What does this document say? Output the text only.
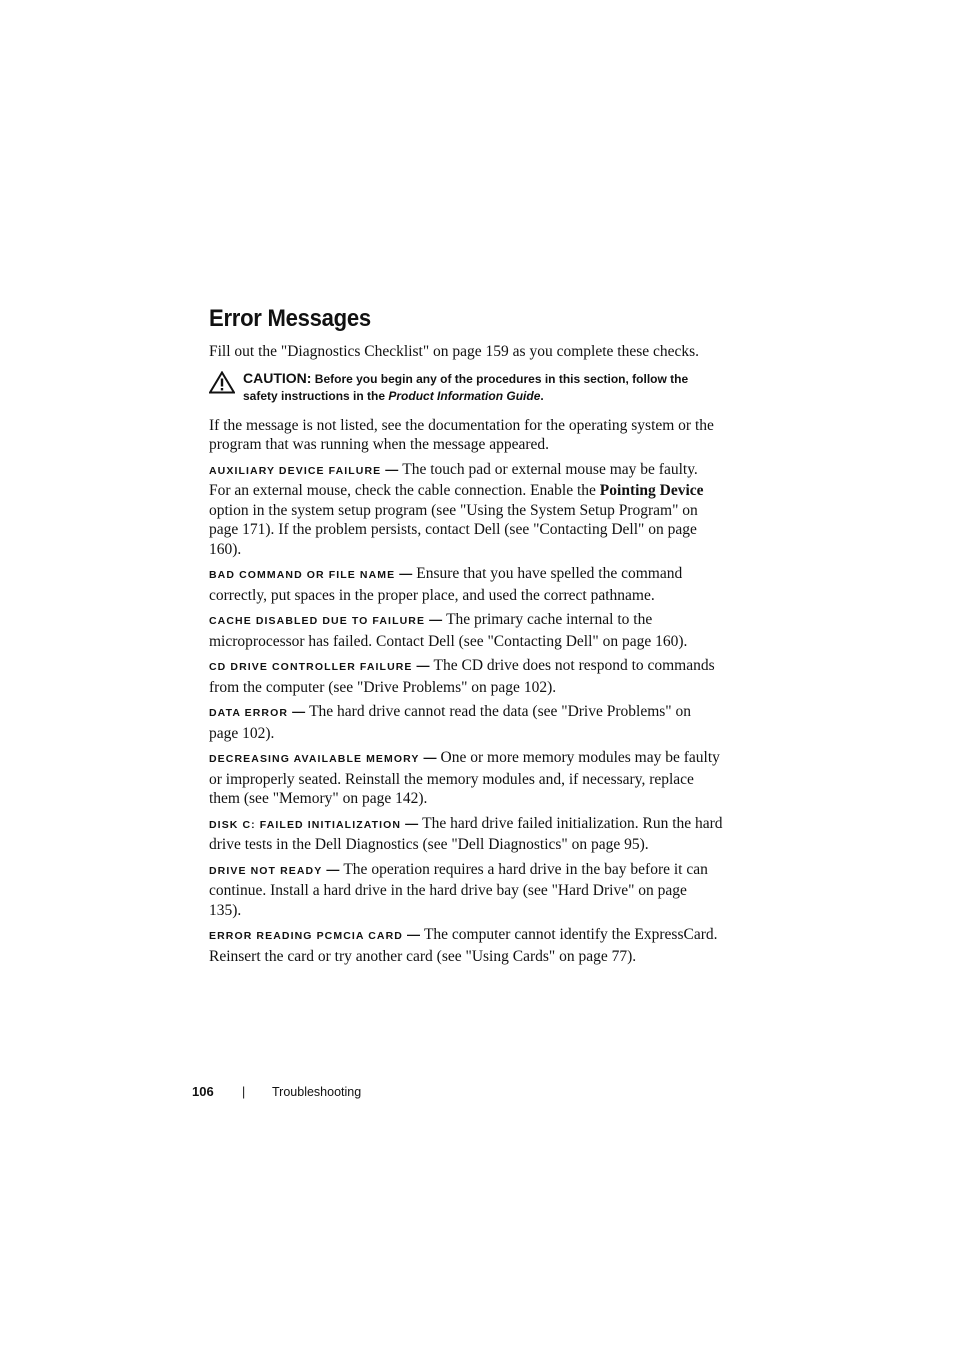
Error Messages

Fill out the "Diagnostics Checklist" on page 159 as you complete these checks.

CAUTION: Before you begin any of the procedures in this section, follow the safety instructions in the Product Information Guide.

If the message is not listed, see the documentation for the operating system or the program that was running when the message appeared.

AUXILIARY DEVICE FAILURE — The touch pad or external mouse may be faulty. For an external mouse, check the cable connection. Enable the Pointing Device option in the system setup program (see "Using the System Setup Program" on page 171). If the problem persists, contact Dell (see "Contacting Dell" on page 160).

BAD COMMAND OR FILE NAME — Ensure that you have spelled the command correctly, put spaces in the proper place, and used the correct pathname.

CACHE DISABLED DUE TO FAILURE — The primary cache internal to the microprocessor has failed. Contact Dell (see "Contacting Dell" on page 160).

CD DRIVE CONTROLLER FAILURE — The CD drive does not respond to commands from the computer (see "Drive Problems" on page 102).

DATA ERROR — The hard drive cannot read the data (see "Drive Problems" on page 102).

DECREASING AVAILABLE MEMORY — One or more memory modules may be faulty or improperly seated. Reinstall the memory modules and, if necessary, replace them (see "Memory" on page 142).

DISK C: FAILED INITIALIZATION — The hard drive failed initialization. Run the hard drive tests in the Dell Diagnostics (see "Dell Diagnostics" on page 95).

DRIVE NOT READY — The operation requires a hard drive in the bay before it can continue. Install a hard drive in the hard drive bay (see "Hard Drive" on page 135).

ERROR READING PCMCIA CARD — The computer cannot identify the ExpressCard. Reinsert the card or try another card (see "Using Cards" on page 77).

106 | Troubleshooting
